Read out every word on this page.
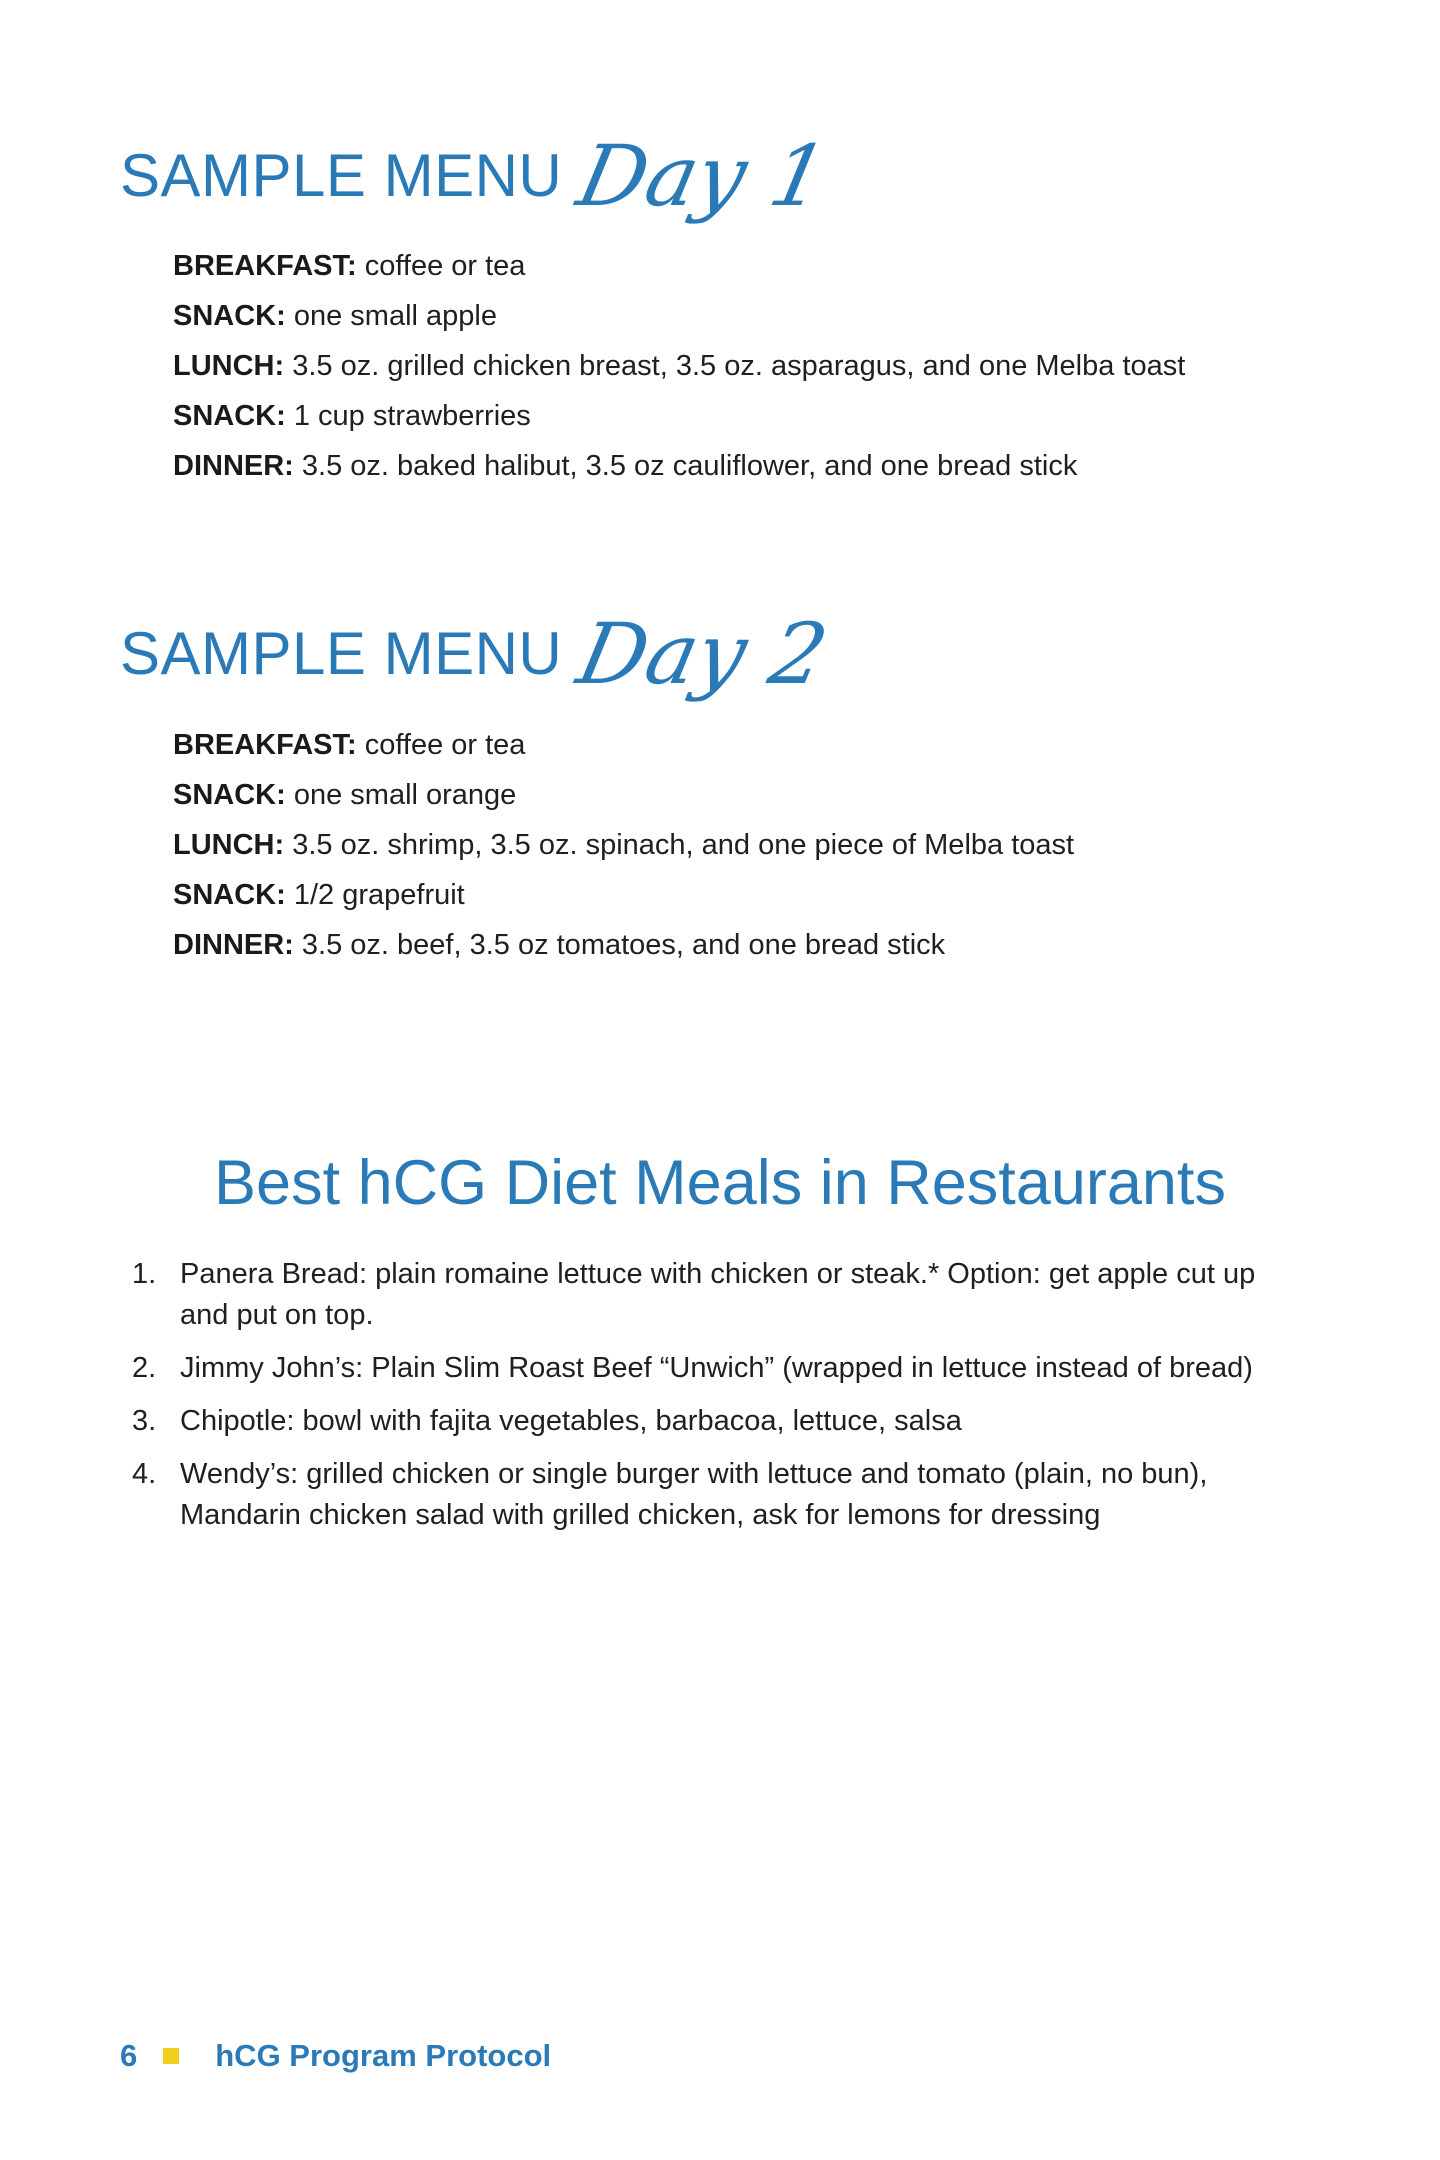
SAMPLE MENU Day 1
BREAKFAST: coffee or tea
SNACK: one small apple
LUNCH: 3.5 oz. grilled chicken breast, 3.5 oz. asparagus, and one Melba toast
SNACK: 1 cup strawberries
DINNER: 3.5 oz. baked halibut, 3.5 oz cauliflower, and one bread stick
SAMPLE MENU Day 2
BREAKFAST: coffee or tea
SNACK: one small orange
LUNCH: 3.5 oz. shrimp, 3.5 oz. spinach, and one piece of Melba toast
SNACK: 1/2 grapefruit
DINNER: 3.5 oz. beef, 3.5 oz tomatoes, and one bread stick
Best hCG Diet Meals in Restaurants
1. Panera Bread: plain romaine lettuce with chicken or steak.* Option: get apple cut up and put on top.
2. Jimmy John’s: Plain Slim Roast Beef “Unwich” (wrapped in lettuce instead of bread)
3. Chipotle: bowl with fajita vegetables, barbacoa, lettuce, salsa
4. Wendy’s: grilled chicken or single burger with lettuce and tomato (plain, no bun), Mandarin chicken salad with grilled chicken, ask for lemons for dressing
6	hCG Program Protocol
